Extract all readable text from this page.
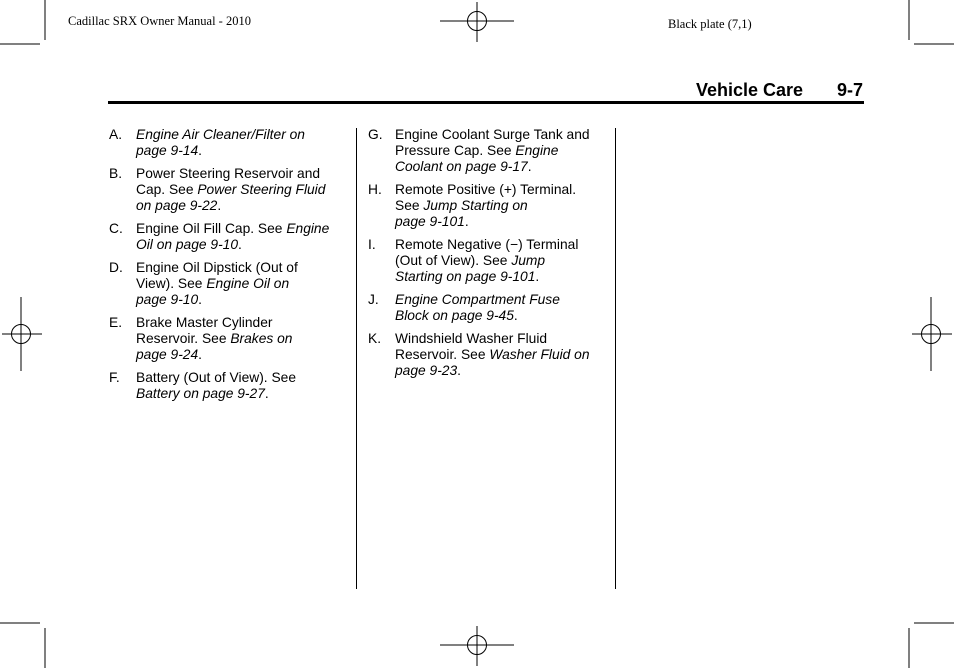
Cadillac SRX Owner Manual - 2010	Black plate (7,1)
Vehicle Care 9-7
A. Engine Air Cleaner/Filter on
page 9-14.
B. Power Steering Reservoir and
Cap. See Power Steering Fluid
on page 9-22.
C. Engine Oil Fill Cap. See Engine
Oil on page 9-10.
D. Engine Oil Dipstick (Out of
View). See Engine Oil on
page 9-10.
E. Brake Master Cylinder
Reservoir. See Brakes on
page 9-24.
F. Battery (Out of View). See
Battery on page 9-27.
G. Engine Coolant Surge Tank and
Pressure Cap. See Engine
Coolant on page 9-17.
H. Remote Positive (+) Terminal.
See Jump Starting on
page 9-101.
I. Remote Negative (−) Terminal
(Out of View). See Jump
Starting on page 9-101.
J. Engine Compartment Fuse
Block on page 9-45.
K. Windshield Washer Fluid
Reservoir. See Washer Fluid on
page 9-23.
